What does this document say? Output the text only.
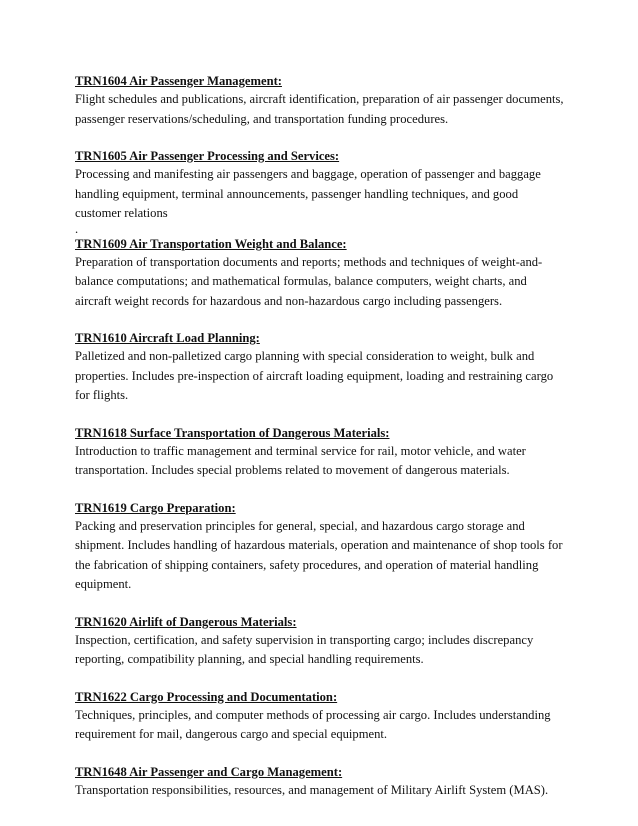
TRN1604 Air Passenger Management:
Flight schedules and publications, aircraft identification, preparation of air passenger documents,
passenger reservations/scheduling, and transportation funding procedures.
TRN1605 Air Passenger Processing and Services:
Processing and manifesting air passengers and baggage, operation of passenger and baggage
handling equipment, terminal announcements, passenger handling techniques, and good
customer relations
.
TRN1609 Air Transportation Weight and Balance:
Preparation of transportation documents and reports; methods and techniques of weight-and-
balance computations; and mathematical formulas, balance computers, weight charts, and
aircraft weight records for hazardous and non-hazardous cargo including passengers.
TRN1610 Aircraft Load Planning:
Palletized and non-palletized cargo planning with special consideration to weight, bulk and
properties. Includes pre-inspection of aircraft loading equipment, loading and restraining cargo
for flights.
TRN1618 Surface Transportation of Dangerous Materials:
Introduction to traffic management and terminal service for rail, motor vehicle, and water
transportation. Includes special problems related to movement of dangerous materials.
TRN1619 Cargo Preparation:
Packing and preservation principles for general, special, and hazardous cargo storage and
shipment. Includes handling of hazardous materials, operation and maintenance of shop tools for
the fabrication of shipping containers, safety procedures, and operation of material handling
equipment.
TRN1620 Airlift of Dangerous Materials:
Inspection, certification, and safety supervision in transporting cargo; includes discrepancy
reporting, compatibility planning, and special handling requirements.
TRN1622 Cargo Processing and Documentation:
Techniques, principles, and computer methods of processing air cargo. Includes understanding
requirement for mail, dangerous cargo and special equipment.
TRN1648 Air Passenger and Cargo Management:
Transportation responsibilities, resources, and management of Military Airlift System (MAS).
